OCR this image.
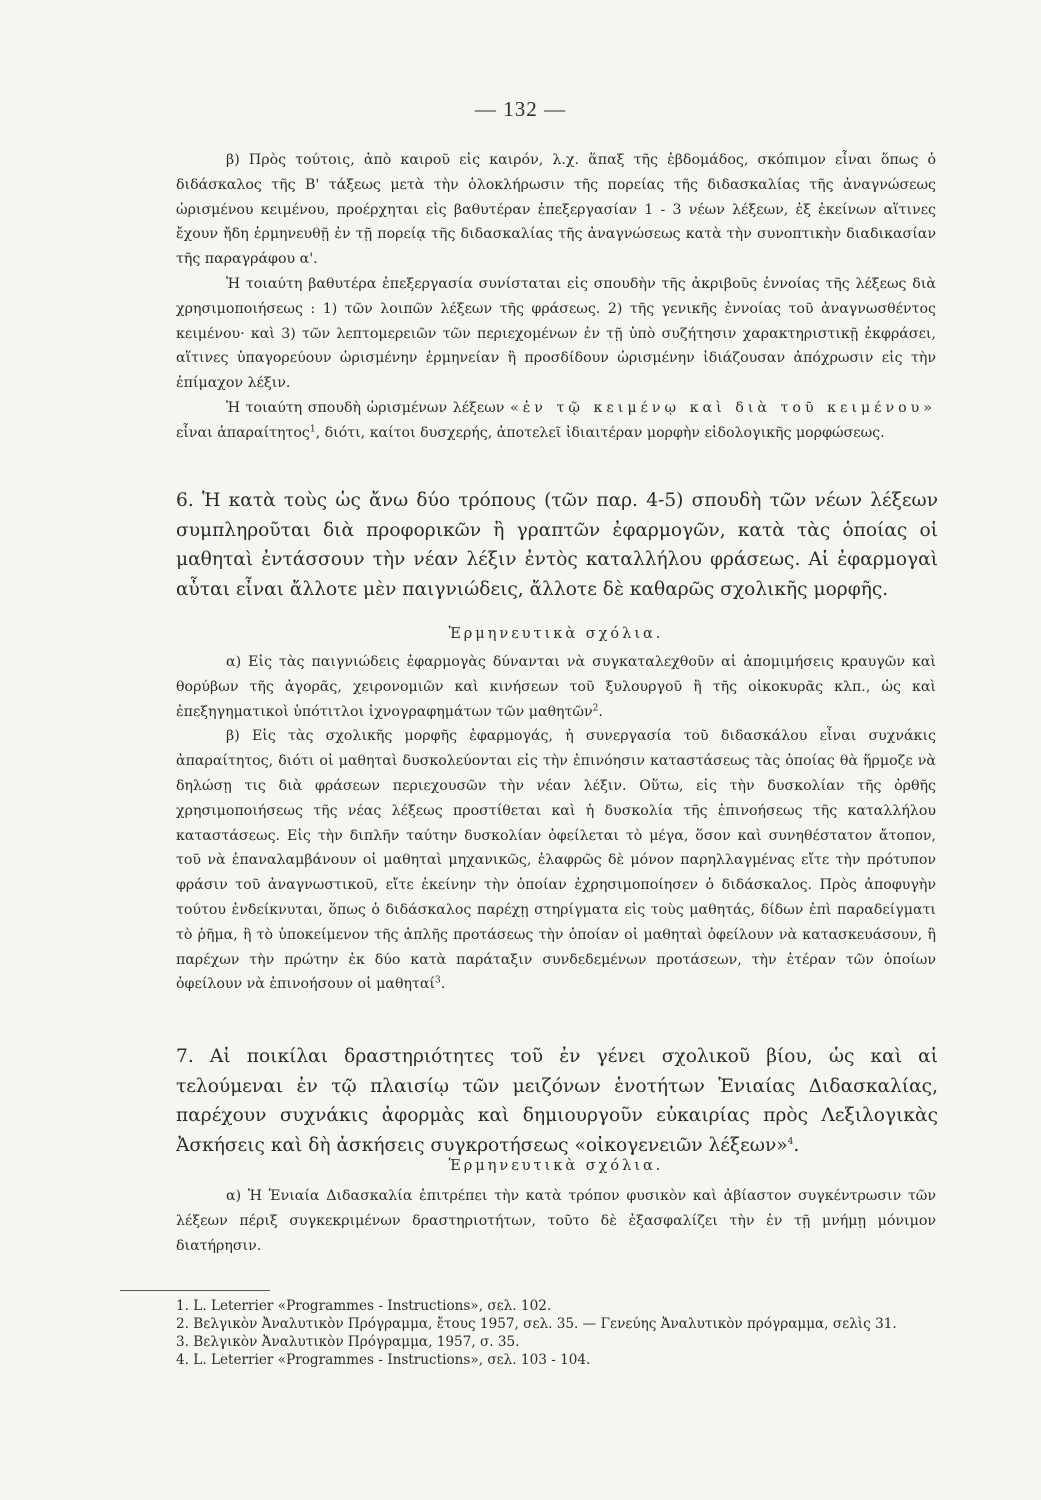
— 132 —

β) Πρὸς τούτοις, ἀπὸ καιροῦ εἰς καιρόν, λ.χ. ἅπαξ τῆς ἑβδομάδος, σκόπιμον εἶναι ὅπως ὁ διδάσκαλος τῆς Β' τάξεως μετὰ τὴν ὁλοκλήρωσιν τῆς πορείας τῆς διδασκαλίας τῆς ἀναγνώσεως ὡρισμένου κειμένου, προέρχηται εἰς βαθυτέραν ἐπεξεργασίαν 1 - 3 νέων λέξεων, ἐξ ἐκείνων αἵτινες ἔχουν ἤδη ἑρμηνευθῇ ἐν τῇ πορείᾳ τῆς διδασκαλίας τῆς ἀναγνώσεως κατὰ τὴν συνοπτικὴν διαδικασίαν τῆς παραγράφου α'.

Ἡ τοιαύτη βαθυτέρα ἐπεξεργασία συνίσταται εἰς σπουδὴν τῆς ἀκριβοῦς ἐννοίας τῆς λέξεως διὰ χρησιμοποιήσεως : 1) τῶν λοιπῶν λέξεων τῆς φράσεως. 2) τῆς γενικῆς ἐννοίας τοῦ ἀναγνωσθέντος κειμένου· καὶ 3) τῶν λεπτομερειῶν τῶν περιεχομένων ἐν τῇ ὑπὸ συζήτησιν χαρακτηριστικῇ ἐκφράσει, αἵτινες ὑπαγορεύουν ὡρισμένην ἑρμηνείαν ἢ προσδίδουν ὡρισμένην ἰδιάζουσαν ἀπόχρωσιν εἰς τὴν ἐπίμαχον λέξιν.

Ἡ τοιαύτη σπουδὴ ὡρισμένων λέξεων «ἐν τῷ κειμένῳ καὶ διὰ τοῦ κειμένου» εἶναι ἀπαραίτητος$^1$, διότι, καίτοι δυσχερής, ἀποτελεῖ ἰδιαιτέραν μορφὴν εἰδολογικῆς μορφώσεως.

6. Ἡ κατὰ τοὺς ὡς ἄνω δύο τρόπους (τῶν παρ. 4-5) σπουδὴ τῶν νέων λέξεων συμπληροῦται διὰ προφορικῶν ἢ γραπτῶν ἐφαρμογῶν, κατὰ τὰς ὁποίας οἱ μαθηταὶ ἐντάσσουν τὴν νέαν λέξιν ἐντὸς καταλλήλου φράσεως. Αἱ ἐφαρμογαὶ αὗται εἶναι ἄλλοτε μὲν παιγνιώδεις, ἄλλοτε δὲ καθαρῶς σχολικῆς μορφῆς.

Ἑρμηνευτικὰ σχόλια.

α) Εἰς τὰς παιγνιώδεις ἐφαρμογὰς δύνανται νὰ συγκαταλεχθοῦν αἱ ἀπομιμήσεις κραυγῶν καὶ θορύβων τῆς ἀγορᾶς, χειρονομιῶν καὶ κινήσεων τοῦ ξυλουργοῦ ἢ τῆς οἰκοκυρᾶς κλπ., ὡς καὶ ἐπεξηγηματικοὶ ὑπότιτλοι ἰχνογραφημάτων τῶν μαθητῶν$^2$.

β) Εἰς τὰς σχολικῆς μορφῆς ἐφαρμογάς, ἡ συνεργασία τοῦ διδασκάλου εἶναι συχνάκις ἀπαραίτητος, διότι οἱ μαθηταὶ δυσκολεύονται εἰς τὴν ἐπινόησιν καταστάσεως τὰς ὁποίας θὰ ἥρμοζε νὰ δηλώσῃ τις διὰ φράσεων περιεχουσῶν τὴν νέαν λέξιν. Οὕτω, εἰς τὴν δυσκολίαν τῆς ὀρθῆς χρησιμοποιήσεως τῆς νέας λέξεως προστίθεται καὶ ἡ δυσκολία τῆς ἐπινοήσεως τῆς καταλλήλου καταστάσεως. Εἰς τὴν διπλῆν ταύτην δυσκολίαν ὀφείλεται τὸ μέγα, ὅσον καὶ συνηθέστατον ἄτοπον, τοῦ νὰ ἐπαναλαμβάνουν οἱ μαθηταὶ μηχανικῶς, ἐλαφρῶς δὲ μόνον παρηλλαγμένας εἴτε τὴν πρότυπον φράσιν τοῦ ἀναγνωστικοῦ, εἴτε ἐκείνην τὴν ὁποίαν ἐχρησιμοποίησεν ὁ διδάσκαλος. Πρὸς ἀποφυγὴν τούτου ἐνδείκνυται, ὅπως ὁ διδάσκαλος παρέχῃ στηρίγματα εἰς τοὺς μαθητάς, δίδων ἐπὶ παραδείγματι τὸ ῥῆμα, ἢ τὸ ὑποκείμενον τῆς ἁπλῆς προτάσεως τὴν ὁποίαν οἱ μαθηταὶ ὀφείλουν νὰ κατασκευάσουν, ἢ παρέχων τὴν πρώτην ἐκ δύο κατὰ παράταξιν συνδεδεμένων προτάσεων, τὴν ἑτέραν τῶν ὁποίων ὀφείλουν νὰ ἐπινοήσουν οἱ μαθηταί$^3$.

7. Αἱ ποικίλαι δραστηριότητες τοῦ ἐν γένει σχολικοῦ βίου, ὡς καὶ αἱ τελούμεναι ἐν τῷ πλαισίῳ τῶν μειζόνων ἑνοτήτων Ἑνιαίας Διδασκαλίας, παρέχουν συχνάκις ἀφορμὰς καὶ δημιουργοῦν εὐκαιρίας πρὸς Λεξιλογικὰς Ἀσκήσεις καὶ δὴ ἀσκήσεις συγκροτήσεως «οἰκογενειῶν λέξεων»$^4$.

Ἑρμηνευτικὰ σχόλια.

α) Ἡ Ἑνιαία Διδασκαλία ἐπιτρέπει τὴν κατὰ τρόπον φυσικὸν καὶ ἀβίαστον συγκέντρωσιν τῶν λέξεων πέριξ συγκεκριμένων δραστηριοτήτων, τοῦτο δὲ ἐξασφαλίζει τὴν ἐν τῇ μνήμῃ μόνιμον διατήρησιν.

1. L. Leterrier «Programmes - Instructions», σελ. 102.

2. Βελγικὸν Ἀναλυτικὸν Πρόγραμμα, ἔτους 1957, σελ. 35. — Γενεύης Ἀναλυτικὸν πρόγραμμα, σελὶς 31.

3. Βελγικὸν Ἀναλυτικὸν Πρόγραμμα, 1957, σ. 35.

4. L. Leterrier «Programmes - Instructions», σελ. 103 - 104.
